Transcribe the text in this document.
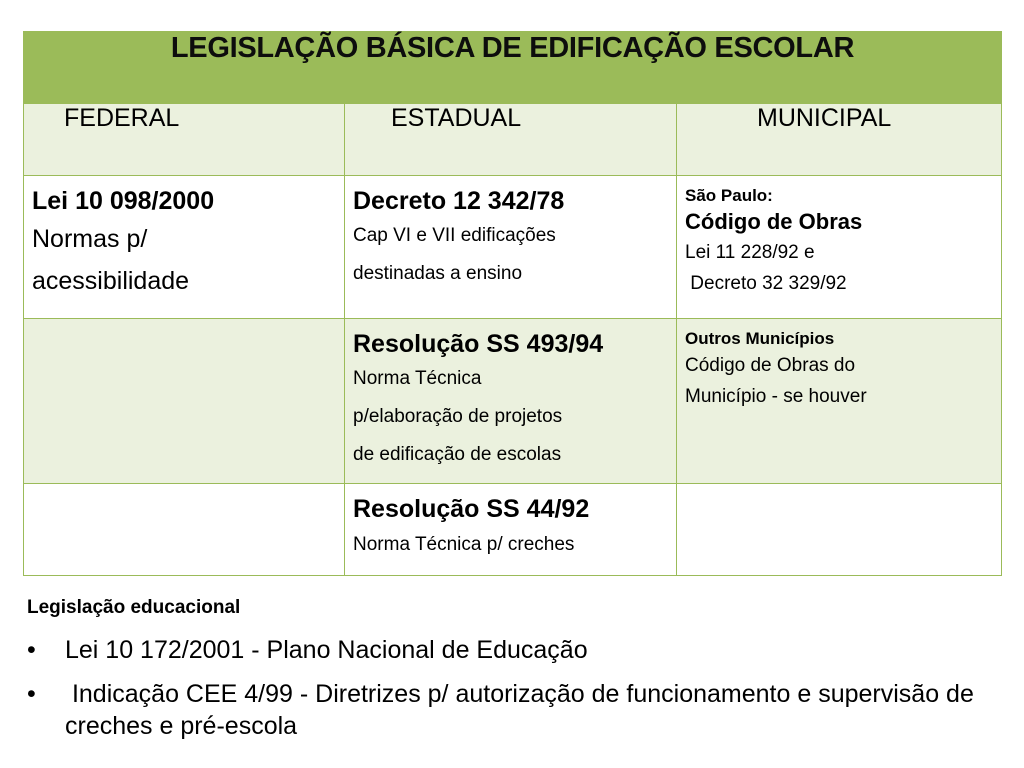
LEGISLAÇÃO BÁSICA DE EDIFICAÇÃO ESCOLAR		
FEDERAL	ESTADUAL	MUNICIPAL

Lei 10 098/2000
Normas p/
acessibilidade	Decreto 12 342/78
Cap VI e VII edificações
destinadas a ensino	São Paulo:
Código de Obras
Lei 11 228/92 e
Decreto 32 329/92

	Resolução SS 493/94
Norma Técnica
p/elaboração de projetos
de edificação de escolas	Outros Municípios
Código de Obras do
Município - se houver

	Resolução SS 44/92
Norma Técnica p/ creches	

Legislação educacional
• Lei 10 172/2001 - Plano Nacional de Educação
• Indicação CEE 4/99 - Diretrizes p/ autorização de funcionamento e supervisão de creches e pré-escola
